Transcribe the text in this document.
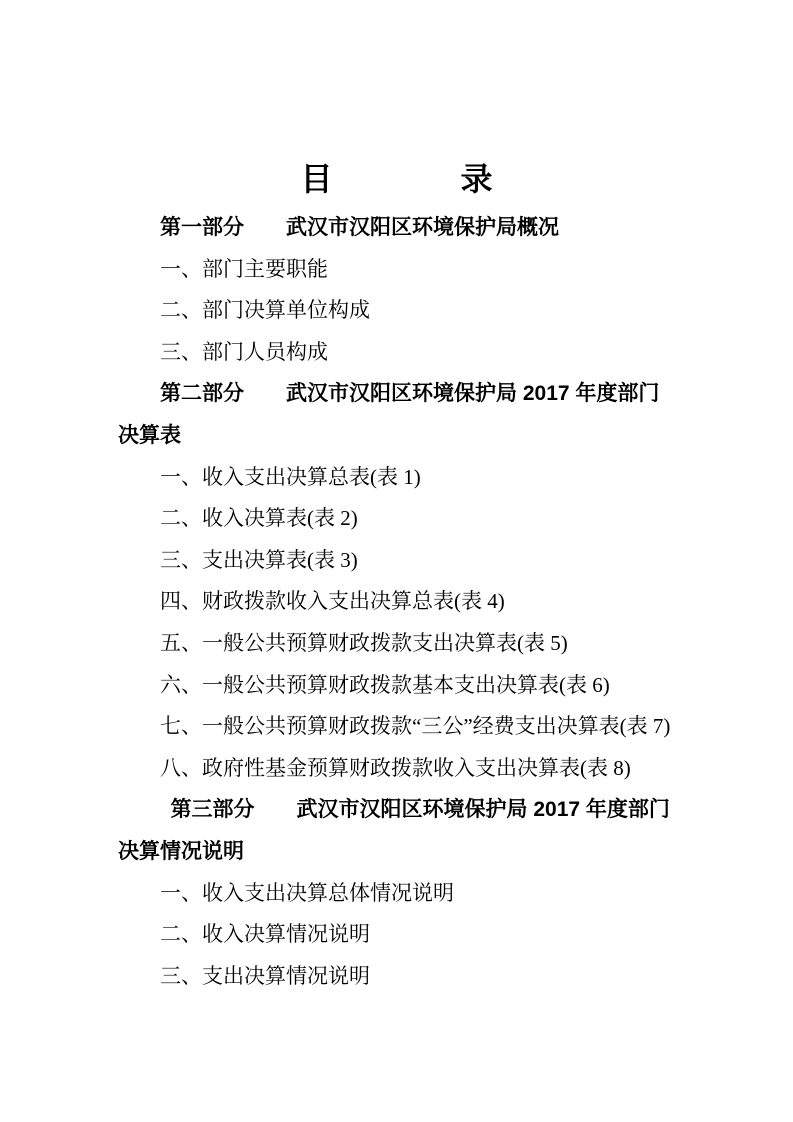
目　　　　录

第一部分　　武汉市汉阳区环境保护局概况

一、部门主要职能

二、部门决算单位构成

三、部门人员构成

第二部分　　武汉市汉阳区环境保护局 2017 年度部门决算表

一、收入支出决算总表(表 1)

二、收入决算表(表 2)

三、支出决算表(表 3)

四、财政拨款收入支出决算总表(表 4)

五、一般公共预算财政拨款支出决算表(表 5)

六、一般公共预算财政拨款基本支出决算表(表 6)

七、一般公共预算财政拨款“三公”经费支出决算表(表 7)

八、政府性基金预算财政拨款收入支出决算表(表 8)

第三部分　　武汉市汉阳区环境保护局 2017 年度部门决算情况说明

一、收入支出决算总体情况说明

二、收入决算情况说明

三、支出决算情况说明
